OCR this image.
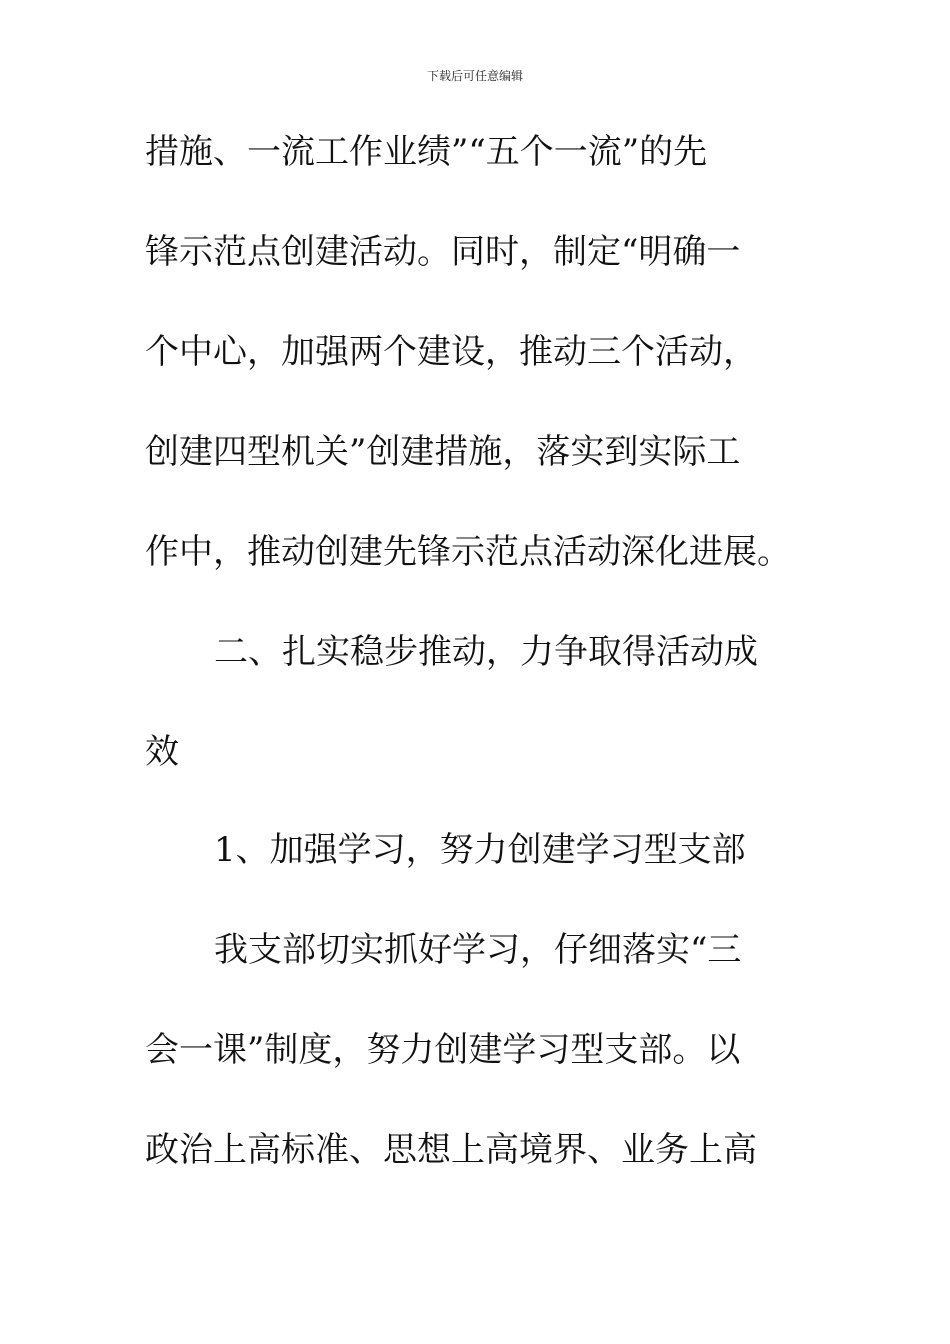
下载后可任意编辑
措施、一流工作业绩”“五个一流”的先
锋示范点创建活动。同时，制定“明确一
个中心，加强两个建设，推动三个活动，
创建四型机关”创建措施，落实到实际工
作中，推动创建先锋示范点活动深化进展。
二、扎实稳步推动，力争取得活动成
效
1、加强学习，努力创建学习型支部
我支部切实抓好学习，仔细落实“三
会一课”制度，努力创建学习型支部。以
政治上高标准、思想上高境界、业务上高
